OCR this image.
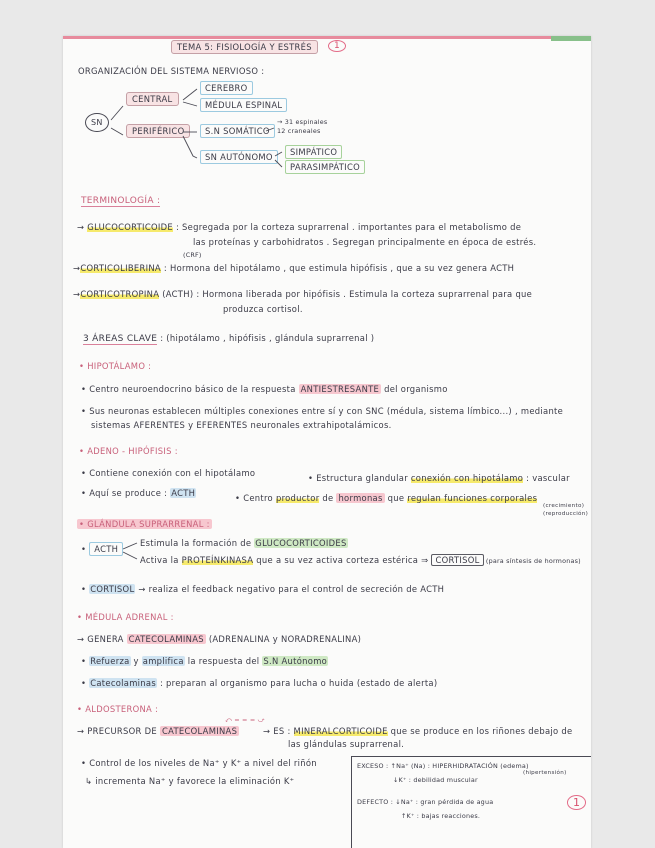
TEMA 5: FISIOLOGÍA Y ESTRÉS	1
ORGANIZACIÓN DEL SISTEMA NERVIOSO :
SN
CENTRAL
PERIFÉRICO
CEREBRO
MÉDULA ESPINAL
S.N SOMÁTICO
→ 31 espinales
12 craneales
SN AUTÓNOMO	SIMPÁTICO
PARASIMPÁTICO
TERMINOLOGÍA :
→ GLUCOCORTICOIDE : Segregada por la corteza suprarrenal . importantes para el metabolismo de
las proteínas y carbohidratos . Segregan principalmente en época de estrés.
(CRF)
→CORTICOLIBERINA : Hormona del hipotálamo , que estimula hipófisis , que a su vez genera ACTH
→CORTICOTROPINA (ACTH) : Hormona liberada por hipófisis . Estimula la corteza suprarrenal para que
produzca cortisol.
3 ÁREAS CLAVE : (hipotálamo , hipófisis , glándula suprarrenal )
• HIPOTÁLAMO :
• Centro neuroendocrino básico de la respuesta ANTIESTRESANTE del organismo
• Sus neuronas establecen múltiples conexiones entre sí y con SNC (médula, sistema límbico...) , mediante
sistemas AFERENTES y EFERENTES neuronales extrahipotalámicos.
• ADENO - HIPÓFISIS :
• Contiene conexión con el hipotálamo	• Estructura glandular conexión con hipotálamo : vascular
• Aquí se produce : ACTH	• Centro productor de hormonas que regulan funciones corporales
(crecimiento)
(reproducción)
• GLÁNDULA SUPRARRENAL :
• ACTH
Estimula la formación de GLUCOCORTICOIDES
Activa la PROTEÍNKINASA que a su vez activa corteza estérica ⇒ CORTISOL (para síntesis de hormonas)
• CORTISOL → realiza el feedback negativo para el control de secreción de ACTH
• MÉDULA ADRENAL :
→ GENERA CATECOLAMINAS (ADRENALINA y NORADRENALINA)
• Refuerza y amplifica la respuesta del S.N Autónomo
• Catecolaminas : preparan al organismo para lucha o huida (estado de alerta)
• ALDOSTERONA :
→ PRECURSOR DE CATECOLAMINAS
⤺ = = = ⤻
→ ES : MINERALCORTICOIDE que se produce en los riñones debajo de
las glándulas suprarrenal.
• Control de los niveles de Na⁺ y K⁺ a nivel del riñón
↳ incrementa Na⁺ y favorece la eliminación K⁺
EXCESO : ↑Na⁺ (Na) : HIPERHIDRATACIÓN (edema)
(hipertensión)
↓K⁺ : debilidad muscular
DEFECTO : ↓Na⁺ : gran pérdida de agua
↑K⁺ : bajas reacciones.
1
